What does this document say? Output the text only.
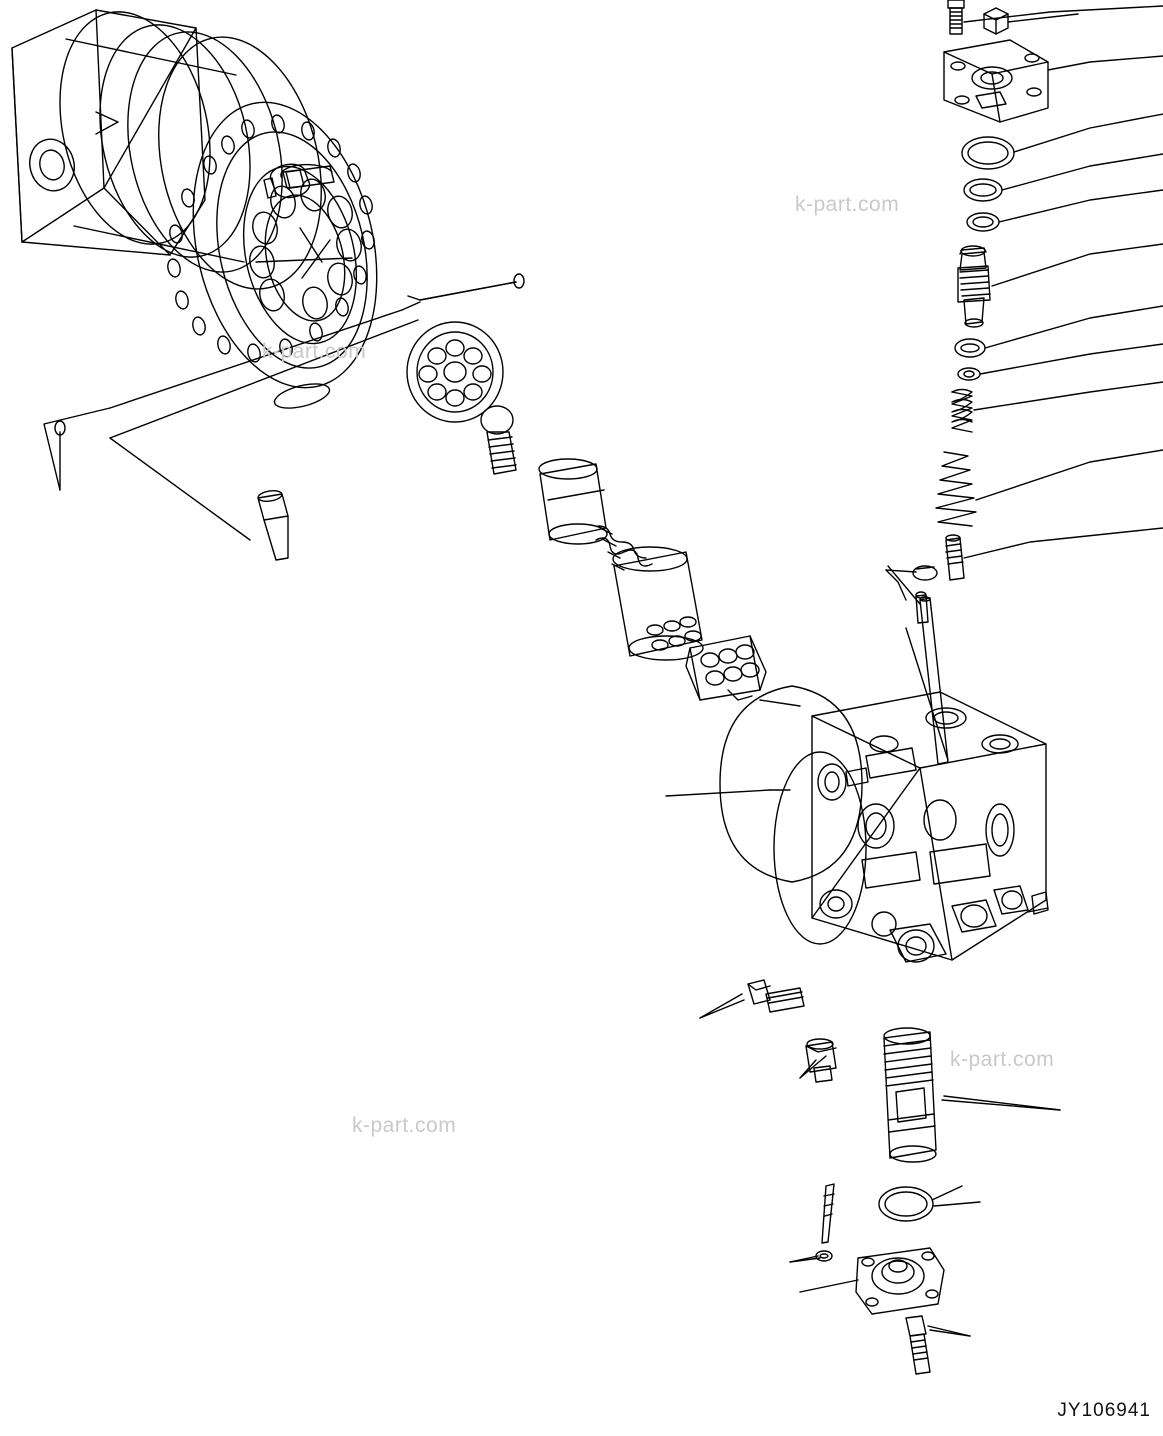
k-part.com
k-part.com
k-part.com
k-part.com
JY106941
